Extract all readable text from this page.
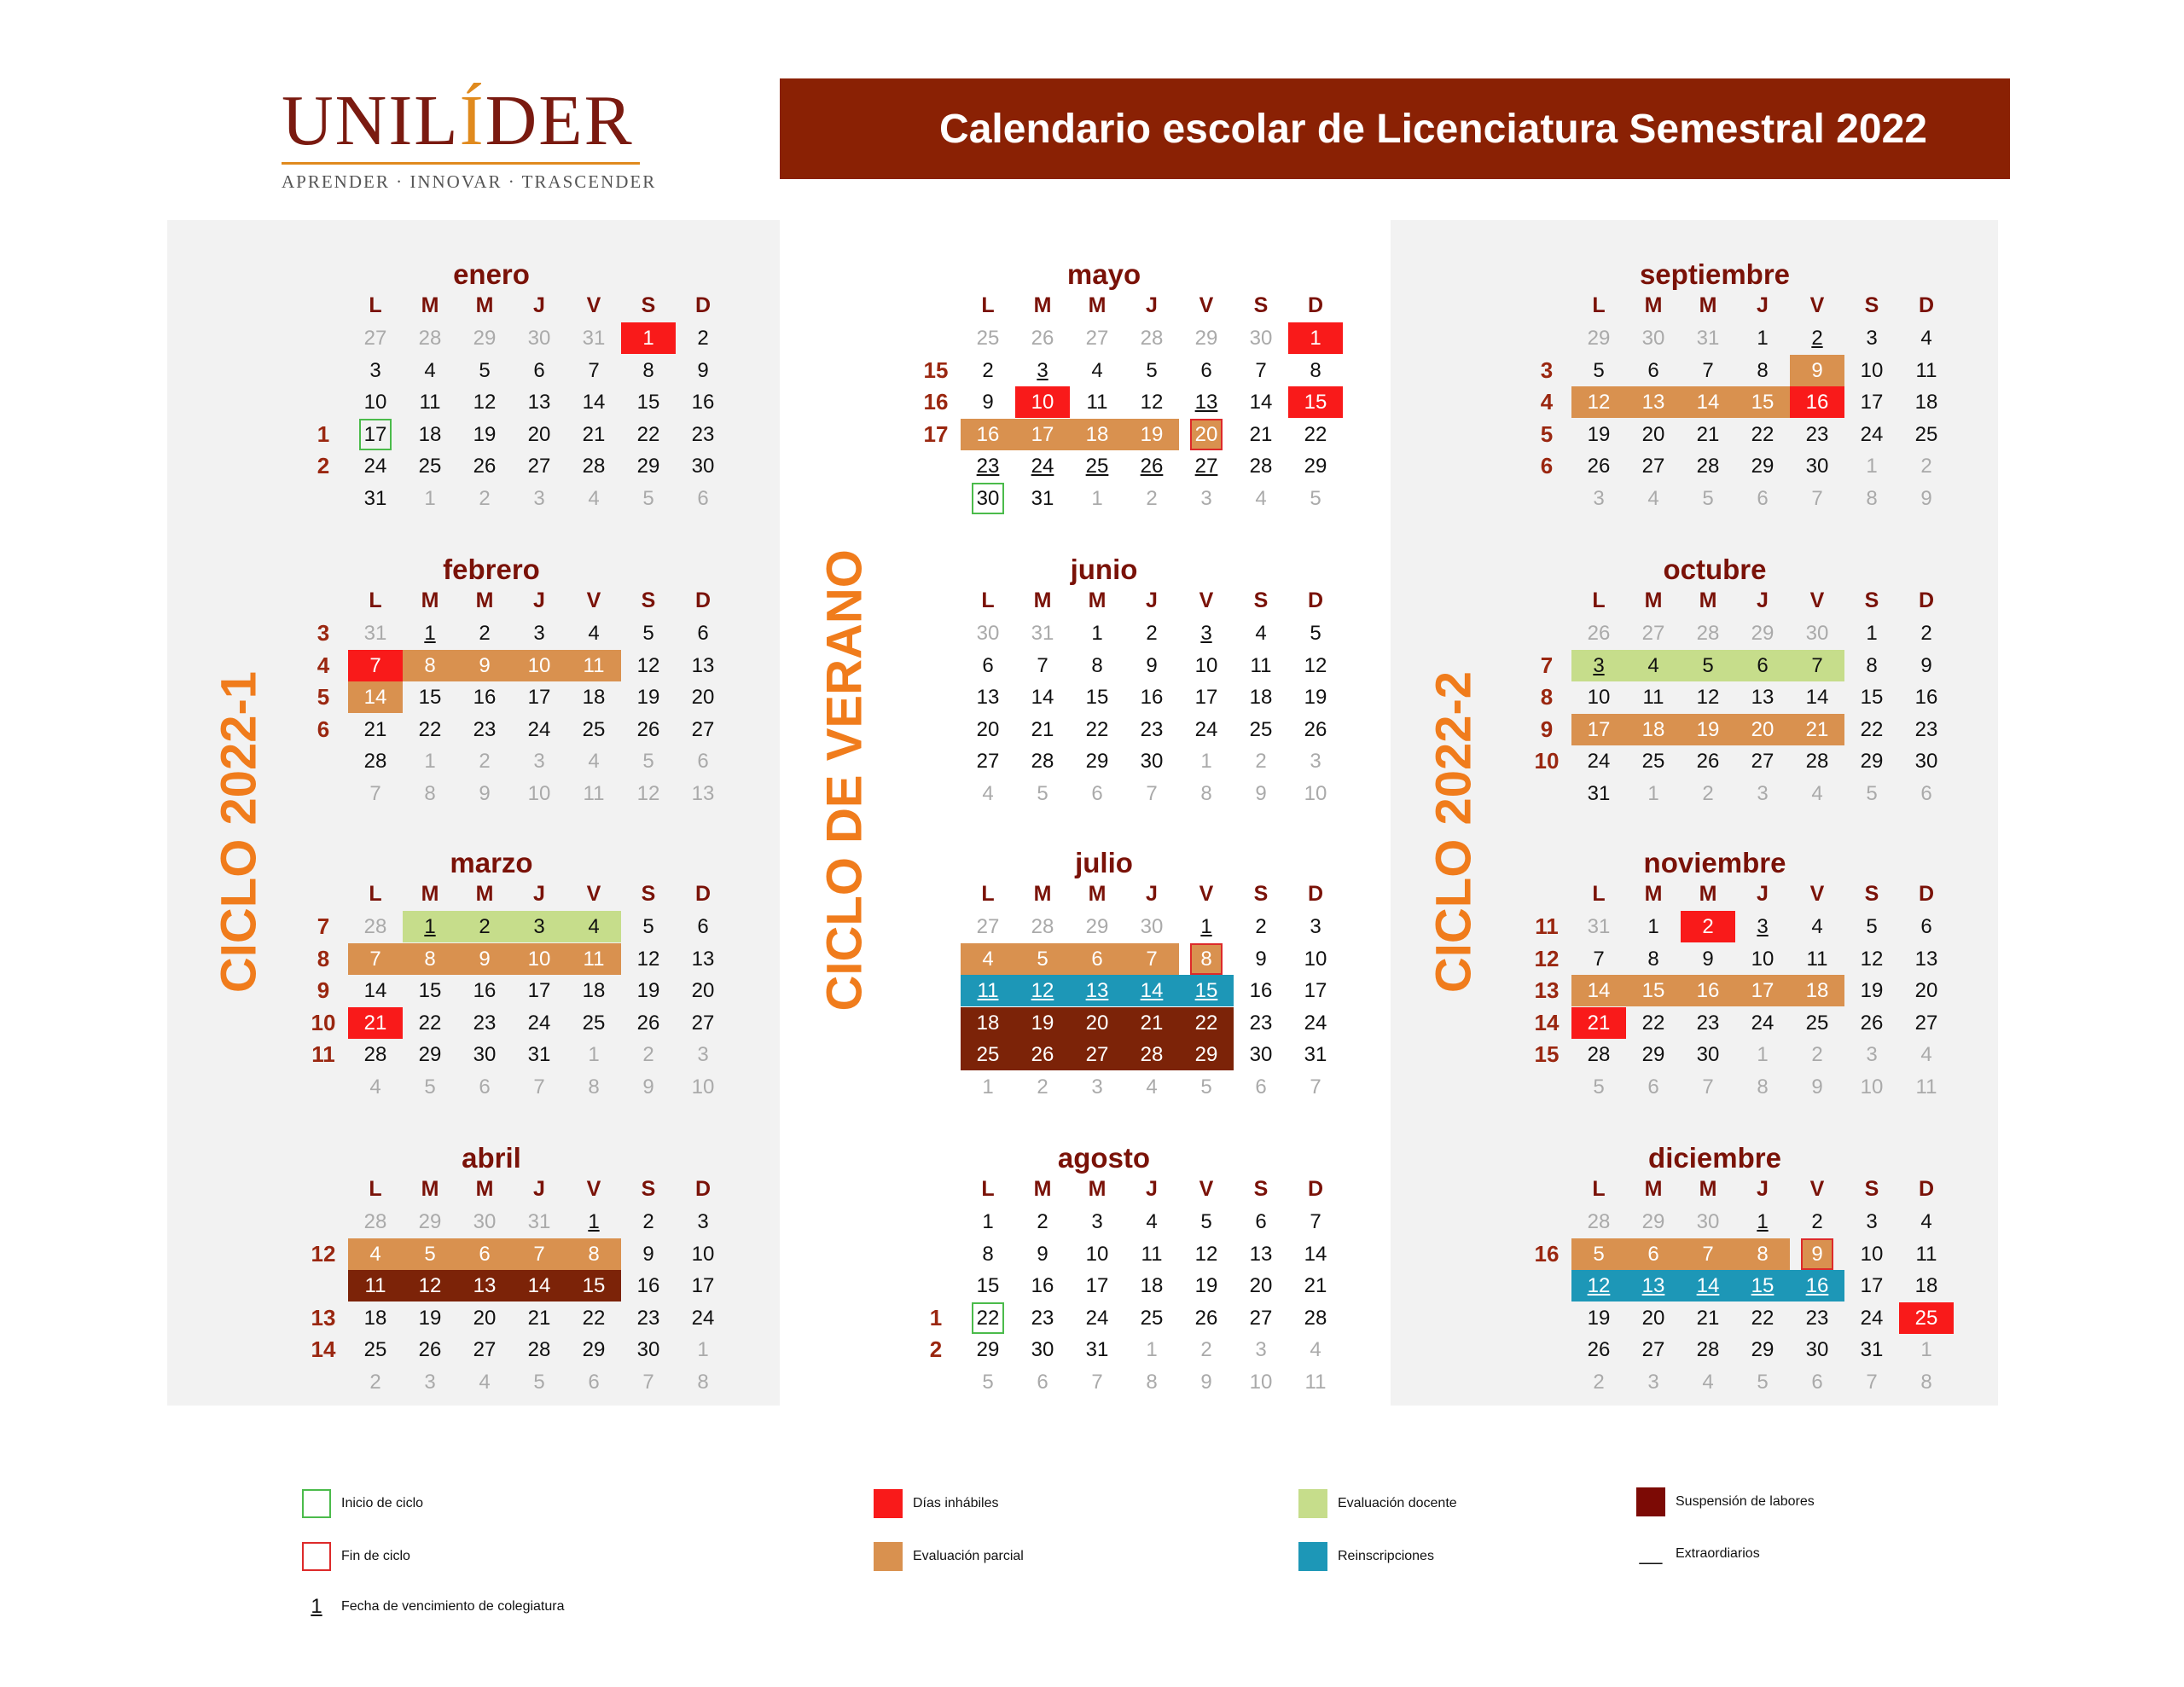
UNILÍDER
APRENDER · INNOVAR · TRASCENDER
Calendario escolar de Licenciatura Semestral 2022
CICLO 2022-1	CICLO DE VERANO	CICLO 2022-2
enero
L	M	M	J	V	S	D
27	28	29	30	31	1	2
3	4	5	6	7	8	9
10	11	12	13	14	15	16
1	17	18	19	20	21	22	23
2	24	25	26	27	28	29	30
31	1	2	3	4	5	6
febrero
L	M	M	J	V	S	D
3	31	1	2	3	4	5	6
4	7	8	9	10	11	12	13
5	14	15	16	17	18	19	20
6	21	22	23	24	25	26	27
28	1	2	3	4	5	6
7	8	9	10	11	12	13
marzo
L	M	M	J	V	S	D
7	28	1	2	3	4	5	6
8	7	8	9	10	11	12	13
9	14	15	16	17	18	19	20
10	21	22	23	24	25	26	27
11	28	29	30	31	1	2	3
4	5	6	7	8	9	10
abril
L	M	M	J	V	S	D
28	29	30	31	1	2	3
12	4	5	6	7	8	9	10
11	12	13	14	15	16	17
13	18	19	20	21	22	23	24
14	25	26	27	28	29	30	1
2	3	4	5	6	7	8
mayo
L	M	M	J	V	S	D
25	26	27	28	29	30	1
15	2	3	4	5	6	7	8
16	9	10	11	12	13	14	15
17	16	17	18	19	20	21	22
23	24	25	26	27	28	29
30	31	1	2	3	4	5
junio
L	M	M	J	V	S	D
30	31	1	2	3	4	5
6	7	8	9	10	11	12
13	14	15	16	17	18	19
20	21	22	23	24	25	26
27	28	29	30	1	2	3
4	5	6	7	8	9	10
julio
L	M	M	J	V	S	D
27	28	29	30	1	2	3
4	5	6	7	8	9	10
11	12	13	14	15	16	17
18	19	20	21	22	23	24
25	26	27	28	29	30	31
1	2	3	4	5	6	7
agosto
L	M	M	J	V	S	D
1	2	3	4	5	6	7
8	9	10	11	12	13	14
15	16	17	18	19	20	21
1	22	23	24	25	26	27	28
2	29	30	31	1	2	3	4
5	6	7	8	9	10	11
septiembre
L	M	M	J	V	S	D
29	30	31	1	2	3	4
3	5	6	7	8	9	10	11
4	12	13	14	15	16	17	18
5	19	20	21	22	23	24	25
6	26	27	28	29	30	1	2
3	4	5	6	7	8	9
octubre
L	M	M	J	V	S	D
26	27	28	29	30	1	2
7	3	4	5	6	7	8	9
8	10	11	12	13	14	15	16
9	17	18	19	20	21	22	23
10	24	25	26	27	28	29	30
31	1	2	3	4	5	6
noviembre
L	M	M	J	V	S	D
11	31	1	2	3	4	5	6
12	7	8	9	10	11	12	13
13	14	15	16	17	18	19	20
14	21	22	23	24	25	26	27
15	28	29	30	1	2	3	4
5	6	7	8	9	10	11
diciembre
L	M	M	J	V	S	D
28	29	30	1	2	3	4
16	5	6	7	8	9	10	11
12	13	14	15	16	17	18
19	20	21	22	23	24	25
26	27	28	29	30	31	1
2	3	4	5	6	7	8
Inicio de ciclo
Fin de ciclo
1	Fecha de vencimiento de colegiatura
Días inhábiles
Evaluación parcial
Evaluación docente
Reinscripciones
Suspensión de labores
__ Extraordiarios
